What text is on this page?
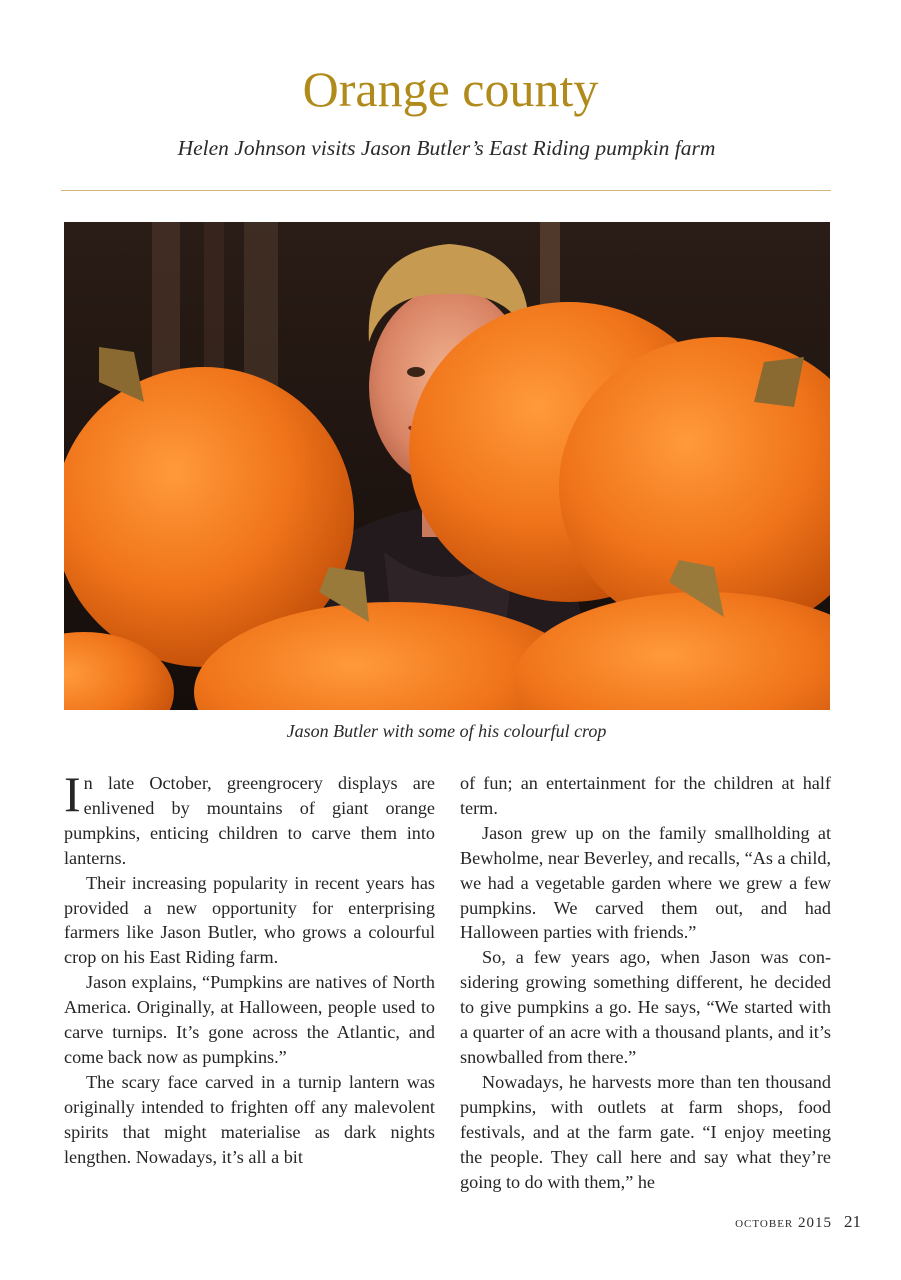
Orange county
Helen Johnson visits Jason Butler’s East Riding pumpkin farm
Jason Butler with some of his colourful crop

In late October, greengrocery displays are enlivened by mountains of giant orange pumpkins, enticing children to carve them into lanterns.

Their increasing popularity in recent years has provided a new opportunity for enterprising farmers like Jason Butler, who grows a colourful crop on his East Riding farm.

Jason explains, “Pumpkins are natives of North America. Originally, at Halloween, people used to carve turnips. It’s gone across the Atlantic, and come back now as pumpkins.”

The scary face carved in a turnip lantern was originally intended to frighten off any malevolent spirits that might materialise as dark nights lengthen. Nowadays, it’s all a bit

of fun; an entertainment for the children at half term.

Jason grew up on the family smallholding at Bewholme, near Beverley, and recalls, “As a child, we had a vegetable garden where we grew a few pumpkins. We carved them out, and had Halloween parties with friends.”

So, a few years ago, when Jason was considering growing something different, he decided to give pumpkins a go. He says, “We started with a quarter of an acre with a thousand plants, and it’s snowballed from there.”

Nowadays, he harvests more than ten thousand pumpkins, with outlets at farm shops, food festivals, and at the farm gate. “I enjoy meeting the people. They call here and say what they’re going to do with them,” he

october 2015 21
